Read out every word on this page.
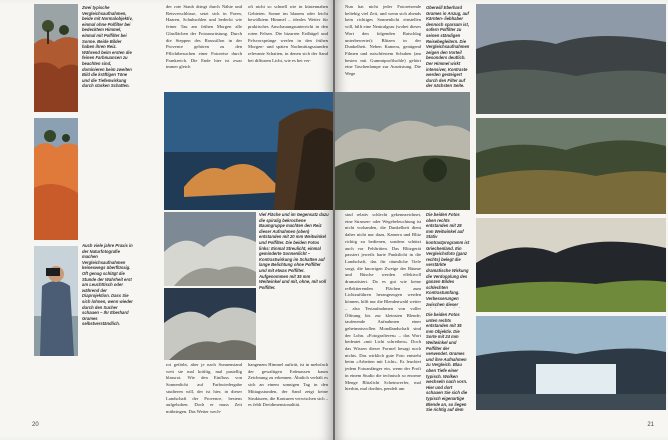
Zwei typische Vergleichsaufnahmen, beide mit Normalobjektiv, einmal ohne Polfilter bei bedecktem Himmel, einmal mit Polfilter bei Sonne. Beide Bilder haben ihren Reiz. Während beim ersten die feinen Farbnuancen zu beachten sind, dominieren beim zweiten Bild die kräftigen Töne und die Tiefenwirkung durch starken Schatten.
Auch viele jahre Praxis in der Naturfotografie machen Vergleichsaufnahmen keineswegs überflüssig. Oft genug schlägt die Stunde der Wahrheit erst am Leuchttisch oder während der Diaprojektion. Dass Sie sich lohnen, wenn wieder durch den Sucher schauen – Ihr Eberhard Grames selbstverständlich.
der rote Staub dringt durch Nähte und Reisverschlüsse, setzt sich in Poren, Haaren, Schuhsohlen und bedeckt wie feiner Tau am frühen Morgen alle Glasflächen der Fotoausrüstung. Durch die Steppen des Roussillon in der Provence gehören zu den Pflichtbesuchen einer Fotoreise durch Frankreich. Die Ende hier ist zwar immer gleich
oft nicht so schnell wie in küstennahen Gebieten. Sonne im blauem oder leicht bewölktem Himmel – ideales Wetter für praktisches Anschauungsunterricht in den roten Felsen. Die bizarren Erdhügel und Felsvorsprünge werfen in den frühen Morgen- und späten Nachmittagsstunden relevante Schatten, in denen sich der Sand bei diffusem Licht, wie es bei ver-
Viel Fläche und im Gegensatz dazu die spiralig bekrochene Baumgruppe machten den Reiz dieser Aufnahmen (oben) entstanden mit 20 mm Weitwinkel und Polfilter. Die beiden Fotos links: Einmal Streulicht, einmal geminderte Sonnenlicht – Kontrastwirkung im Schatten auf lange Belichtung ohne Polfilter und mit etwas Polfilter. Aufgenommen mit 35 mm Weitwinkel und mit, ohne, mit voll Polfilter.
rot gefärbt, aber je nach Sonnenstand weit sie mal kräftig, mal pastellig blassrot. Wie den Einfluss von Sonnenlicht auf Farbwiedergabe studieren will, der ist hier, in dieser Landschaft der Provence, bestens aufgehoben. Doch er muss Zeit mitbringen. Das Wetter wech-
hangenem Himmel auftritt, ist in mehrfach der gewaltigen Erdmassen kaum Zeichnung zu erkennen. Ähnlich verhält es sich an einem sonnigen Tag in den Mittagsstunden, der Sand zeigt keine Strukturen, die Konturen verwischen sich – es fehlt Dreidimensionalität.
20
Nun hat nicht jeder Fotoreisende beliebig viel Zeit, und wenn sich abends kein richtiges Sonnenlicht einstellen will, hilft eine Neutralgrau (wobei dieses Wort den folgenden Ratschlag unterbewertet): Blitzen in der Dunkelheit. Neben Kamera, genügend Filmen und rutschfestem Schuhen (am besten mit Gummiprofilsohle) gehört eine Taschenlampe zur Ausrüstung. Die Wege
sind relativ schlecht gekennzeichnet, eine Strassen- oder Wegebeleuchtung ist nicht vorhanden, die Dunkelheit dient daher nicht nur dazu, Kamera und Blitz richtig zu bedienen, sondern schützt auch vor Fehltritten. Das Blitzgerät passiert jeweils harte Punktlicht in die Landschaft, das für räumliche Tiefe sorgt, die knorrigen Zweige der Bäume und Büsche werden effektvoll dramatisiert. Da es gut wie keine reflektierenden Flächen zum Lichtzuführen herangezogen werden können, hilft nur die Blendenwahl weiter – also Testaufnahmen von voller Öffnung bis zur kleinsten Blende; taufenende Aufnahmen einer geheimnisvollen Mondlandschaft sind der Lohn. «Fotografieren» – das Wort bedeutet «mit Licht schreiben». Doch das Wissen dieser Formel besagt noch nichts. Das wirklich gute Foto entsteht beim «Arbeiten mit Licht». Es leuchtet jedem Fotoanfänger ein, wenn der Profi in einem Studio die technisch so enorme Menge Blitzlicht Scheinwerfer, mal hierhin, mal dorthin, pendelt um
Oberwill Eberhard Grames in Anzug, auf Kärnten- liebhaber dennoch sparsam ist, sofern Polfilter zu seinen ständigen Reisebegleitern. Die Vergleichsaufnahmen zeigen den Vorteil besonders deutlich. Der Himmel wirkt intensiver, Kontraste werden gesteigert durch den Filter auf der nächsten Seite.
Die beiden Fotos oben rechts entstanden mit 28 mm Weitwinkel auf Stativ kontrastprogramm ist Griechenland. Ein Vergleichsfoto (ganz rechts) belegt die verstärkte dramatische Wirkung die Verdopplung des ganzen Bildes schlechten Kontrastumfang. Verbesserungen zwischen dieser
Die beiden Fotos unten rechts entstanden mit 35 mm Objektiv. Die Sorte mit 24 mm Weitwinkel und Polfilter der verwendet. Grames und ihre Aufnahmen zu Vergleich. Blau oben Tiefe einer typisch. Wolken wechseln nach vorn. Hier und dort schauen Sie sich die typisch eigenartige Blende an, so liegen Sie richtig auf dem
21
